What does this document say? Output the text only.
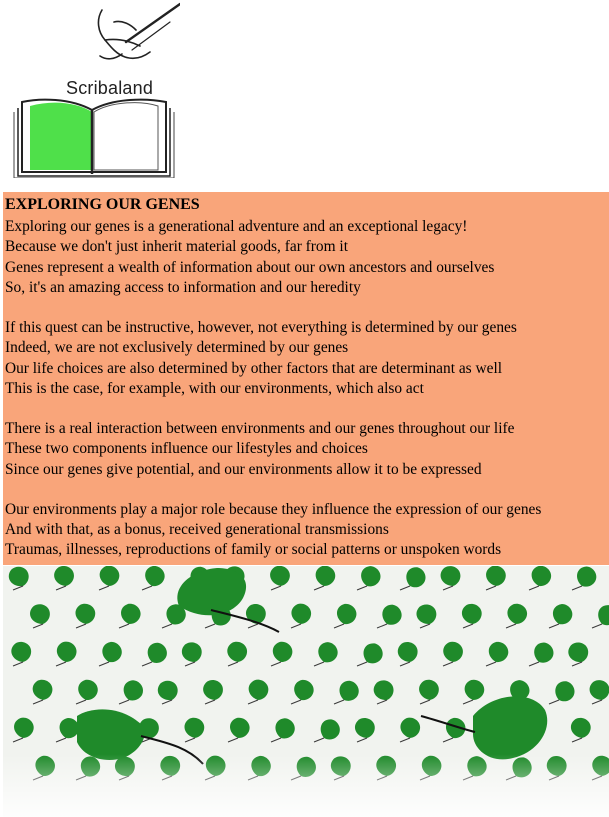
Scribaland
EXPLORING OUR GENES
Exploring our genes is a generational adventure and an exceptional legacy!
Because we don't just inherit material goods, far from it
Genes represent a wealth of information about our own ancestors and ourselves
So, it's an amazing access to information and our heredity
If this quest can be instructive, however, not everything is determined by our genes
Indeed, we are not exclusively determined by our genes
Our life choices are also determined by other factors that are determinant as well
This is the case, for example, with our environments, which also act
There is a real interaction between environments and our genes throughout our life
These two components influence our lifestyles and choices
Since our genes give potential, and our environments allow it to be expressed
Our environments play a major role because they influence the expression of our genes
And with that, as a bonus, received generational transmissions
Traumas, illnesses, reproductions of family or social patterns or unspoken words
